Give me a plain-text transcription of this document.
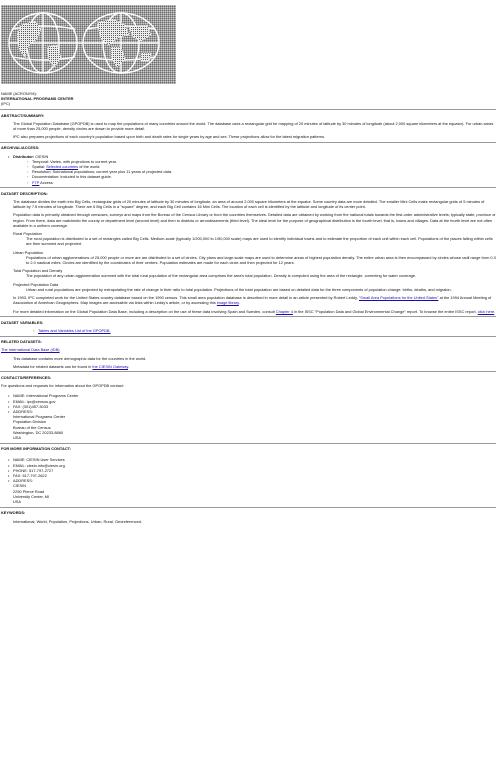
NAME (ACRONYM):
INTERNATIONAL PROGRAMS CENTER
(IPC)
ABSTRACT/SUMMARY:

The Global Population Database (GPOPDB) is used to map the populations of many countries around the world. The database uses a rectangular grid for mapping of 20 minutes of latitude by 30 minutes of longitude (about 2,000 square kilometers at the equator). For urban areas of more than 25,000 people, density circles are drawn to provide more detail.

IPC also prepares projections of each country's population based upon birth and death rates for single years by age and sex. These projections allow for the latest migration patterns.

ARCHIVAL/ACCESS:
• Distributor: CIESIN
◦ Temporal: Varies, with projections to current year.
◦ Spatial: Selected countries of the world.
◦ Resolution: Subnational populations; current year plus 11 years of projected data.
◦ Documentation: Included in this dataset guide.
◦ FTP Access.
DATASET DESCRIPTION:

The database divides the earth into Big Cells, rectangular grids of 20 minutes of latitude by 30 minutes of longitude, an area of around 2,000 square kilometers at the equator. Some country data are more detailed. The smaller Mini Cells make rectangular grids of 5 minutes of latitude by 7.5 minutes of longitude. There are 6 Big Cells in a "square" degree, and each Big Cell contains 16 Mini Cells. The location of each cell is identified by the latitude and longitude of its center point.

Population data is primarily obtained through censuses, surveys and maps from the Bureau of the Census Library or from the countries themselves. Detailed data are obtained by working from the national totals towards the first-order administrative levels; typically state, province or region. From there, data are matchedto the county or department level (second level) and then to districts or arrondissements (third level). The ideal level for the purpose of geographical distribution is the fourth level, that is, towns and villages. Data at the fourth level are not often available in a uniform coverage.

Rural Population

The rural population is distributed to a set of rectangles called Big Cells. Medium-scale (typically 1/200,000 to 1/50,000 scale) maps are used to identify individual towns and to estimate the proportion of each unit within each cell. Populations of the places falling within cells are then summed and projected.

Urban Population

Populations of urban agglomerations of 25,000 people or more are are distributed to a set of circles. City plans and large-scale maps are used to determine areas of highest population density. The entire urban area is then encompassed by circles whose radii range from 0.3 to 2.0 nautical miles. Circles are identified by the coordinates of their centers. Population estimates are made for each circle and then projected for 12 years.

Total Population and Density

The population of any urban agglomeration summed with the total rural population of the rectangular area comprises the area's total population. Density is computed using the area of the rectangle, correcting for water coverage.

Projected Population Data

Urban and rural populations are projected by extrapolating the rate of change in their ratio to total population. Projections of the total population are based on detailed data for the three components of population change: births, deaths, and migraion.

In 1993, IPC completed work for the United States country database based on the 1990 census. This small area population database is described in more detail in an article presented by Robert Leddy, "Small Area Populations for the United States" at the 1994 Annual Meeting of Association of American Geographers. Map images are accessible via links within Leddy's article, or by accessing this image library.

For more detailed information on the Global Population Data Base, including a description on the use of these data involving Spain and Sweden, consult Chapter 4 in the ISSC "Population Data and Global Environmental Change" report. To browse the entire ISSC report, click here.

DATASET VARIABLES:
◦ Tables and Variables List of the GPOPDB.
RELATED DATASETS:
The International Data Base (IDB)

This database contains more demographic data for the countries in the world.

Metadata for related datasets can be found in the CIESIN Gateway.

CONTACTS/REFERENCES:

For questions and requests for information about the GPOPDB contact:

• NAME: International Programs Center
• EMAIL: ipc@census.gov
• FAX: (301)457-3033
• ADDRESS:
International Programs Center
Population Division
Bureau of the Census
Washington, DC 20233-8860
USA
FOR MORE INFORMATION CONTACT:
• NAME: CIESIN User Services
• EMAIL: ciesin.info@ciesin.org
• PHONE: 517-797-2727
• FAX: 517-797-2622
• ADDRESS:
CIESIN
2250 Pierce Road
University Center, MI
USA
KEYWORDS:

International, World, Population, Projections, Urban, Rural, Georeferenced.
